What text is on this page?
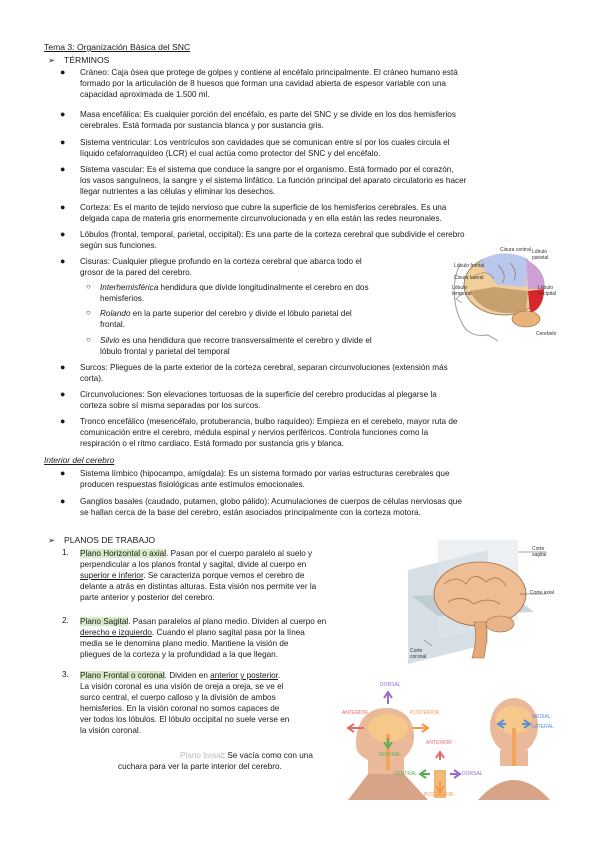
Tema 3: Organización Básica del SNC
➢ TÉRMINOS
●	Cráneo: Caja ósea que protege de golpes y contiene al encéfalo principalmente. El cráneo humano está
formado por la articulación de 8 huesos que forman una cavidad abierta de espesor variable con una
capacidad aproximada de 1.500 ml.
●	Masa encefálica: Es cualquier porción del encéfalo, es parte del SNC y se divide en los dos hemisferios
cerebrales. Está formada por sustancia blanca y por sustancia gris.
●	Sistema ventricular: Los ventrículos son cavidades que se comunican entre sí por los cuales circula el
líquido cefalorraquídeo (LCR) el cual actúa como protector del SNC y del encéfalo.
●	Sistema vascular: Es el sistema que conduce la sangre por el organismo. Está formado por el corazón,
los vasos sanguíneos, la sangre y el sistema linfático. La función principal del aparato circulatorio es hacer
llegar nutrientes a las células y eliminar los desechos.
●	Corteza: Es el manto de tejido nervioso que cubre la superficie de los hemisferios cerebrales. Es una
delgada capa de materia gris enormemente circunvolucionada y en ella están las redes neuronales.
●	Lóbulos (frontal, temporal, parietal, occipital): Es una parte de la corteza cerebral que subdivide el cerebro
según sus funciones.
●	Cisuras: Cualquier pliegue profundo en la corteza cerebral que abarca todo el
grosor de la pared del cerebro.
○ Interhemisférica hendidura que divide longitudinalmente el cerebro en dos
hemisferios.
○ Rolando en la parte superior del cerebro y divide el lóbulo parietal del
frontal.
○ Silvio es una hendidura que recorre transversalmente el cerebro y divide el
lóbulo frontal y parietal del temporal
●	Surcos: Pliegues de la parte exterior de la corteza cerebral, separan circunvoluciones (extensión más
corta).
●	Circunvoluciones: Son elevaciones tortuosas de la superficie del cerebro producidas al plegarse la
corteza sobre sí misma separadas por los surcos.
●	Tronco encefálico (mesencéfalo, protuberancia, bulbo raquídeo): Empieza en el cerebelo, mayor ruta de
comunicación entre el cerebro, médula espinal y nervios periféricos. Controla funciones como la
respiración o el ritmo cardiaco. Está formado por sustancia gris y blanca.
Interior del cerebro
●	Sistema límbico (hipocampo, amígdala): Es un sistema formado por varias estructuras cerebrales que
producen respuestas fisiológicas ante estímulos emocionales.
●	Ganglios basales (caudado, putamen, globo pálido): Acumulaciones de cuerpos de células nerviosas que
se hallan cerca de la base del cerebro, están asociados principalmente con la corteza motora.
➢ PLANOS DE TRABAJO
1. Plano Horizontal o axial. Pasan por el cuerpo paralelo al suelo y
perpendicular a los planos frontal y sagital, divide al cuerpo en
superior e inferior. Se caracteriza porque vemos el cerebro de
delante a atrás en distintas alturas. Esta visión nos permite ver la
parte anterior y posterior del cerebro.
2. Plano Sagital. Pasan paralelos al plano medio. Dividen al cuerpo en
derecho e izquierdo. Cuando el plano sagital pasa por la línea
media se le denomina plano medio. Mantiene la visión de
pliegues de la corteza y la profundidad a la que llegan.
3. Plano Frontal o coronal. Dividen en anterior y posterior.
La visión coronal es una visión de oreja a oreja, se ve el
surco central, el cuerpo calloso y la división de ambos
hemisferios. En la visión coronal no somos capaces de
ver todos los lóbulos. El lóbulo occipital no suele verse en
la visión coronal.
Plano basal: Se vacía como con una
cuchara para ver la parte interior del cerebro.
Lóbulo frontal
Cisura central Lóbulo parietal
Lóbulo occipital
Lóbulo temporal
Cisura lateral
Cerebelo
Corte sagital
Corte axial
Corte coronal
DORSAL
ANTERIOR	POSTERIOR
VENTRAL
ANTERIOR
DORSAL
VENTRAL
POSTERIOR
MEDIAL
LATERAL
